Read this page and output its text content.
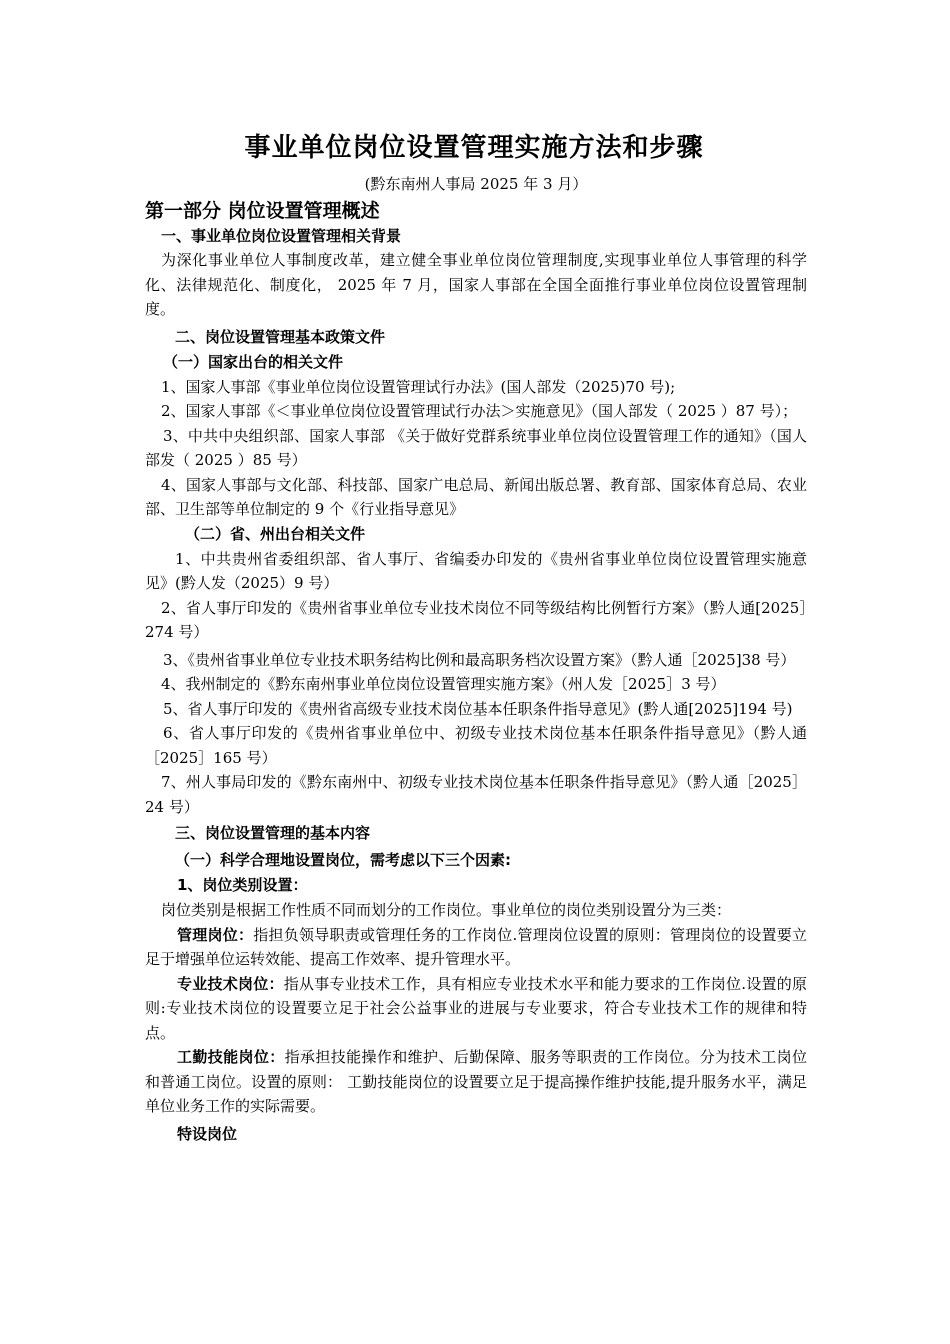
事业单位岗位设置管理实施方法和步骤
(黔东南州人事局 2025 年 3 月）
第一部分 岗位设置管理概述
一、事业单位岗位设置管理相关背景

为深化事业单位人事制度改革，建立健全事业单位岗位管理制度,实现事业单位人事管理的科学化、法律规范化、制度化， 2025 年 7 月，国家人事部在全国全面推行事业单位岗位设置管理制度。

二、岗位设置管理基本政策文件
（一）国家出台的相关文件

1、国家人事部《事业单位岗位设置管理试行办法》(国人部发（2025)70 号);

2、国家人事部《＜事业单位岗位设置管理试行办法＞实施意见》（国人部发（ 2025 ）87 号）；

3、中共中央组织部、国家人事部 《关于做好党群系统事业单位岗位设置管理工作的通知》（国人部发（ 2025 ）85 号）

4、国家人事部与文化部、科技部、国家广电总局、新闻出版总署、教育部、国家体育总局、农业部、卫生部等单位制定的 9 个《行业指导意见》

（二）省、州出台相关文件

1、中共贵州省委组织部、省人事厅、省编委办印发的《贵州省事业单位岗位设置管理实施意见》(黔人发（2025）9 号）

2、省人事厅印发的《贵州省事业单位专业技术岗位不同等级结构比例暂行方案》（黔人通[2025］274 号）

3、《贵州省事业单位专业技术职务结构比例和最高职务档次设置方案》（黔人通［2025]38 号）

4、我州制定的《黔东南州事业单位岗位设置管理实施方案》（州人发［2025］3 号）

5、省人事厅印发的《贵州省高级专业技术岗位基本任职条件指导意见》(黔人通[2025]194 号)

6、省人事厅印发的《贵州省事业单位中、初级专业技术岗位基本任职条件指导意见》（黔人通［2025］165 号）

7、州人事局印发的《黔东南州中、初级专业技术岗位基本任职条件指导意见》（黔人通［2025］24 号）

三、岗位设置管理的基本内容
（一）科学合理地设置岗位，需考虑以下三个因素:
1、岗位类别设置：

岗位类别是根据工作性质不同而划分的工作岗位。事业单位的岗位类别设置分为三类：

管理岗位：指担负领导职责或管理任务的工作岗位.管理岗位设置的原则：管理岗位的设置要立足于增强单位运转效能、提高工作效率、提升管理水平。

专业技术岗位：指从事专业技术工作，具有相应专业技术水平和能力要求的工作岗位.设置的原则:专业技术岗位的设置要立足于社会公益事业的进展与专业要求，符合专业技术工作的规律和特点。

工勤技能岗位：指承担技能操作和维护、后勤保障、服务等职责的工作岗位。分为技术工岗位和普通工岗位。设置的原则： 工勤技能岗位的设置要立足于提高操作维护技能,提升服务水平，满足单位业务工作的实际需要。

特设岗位
